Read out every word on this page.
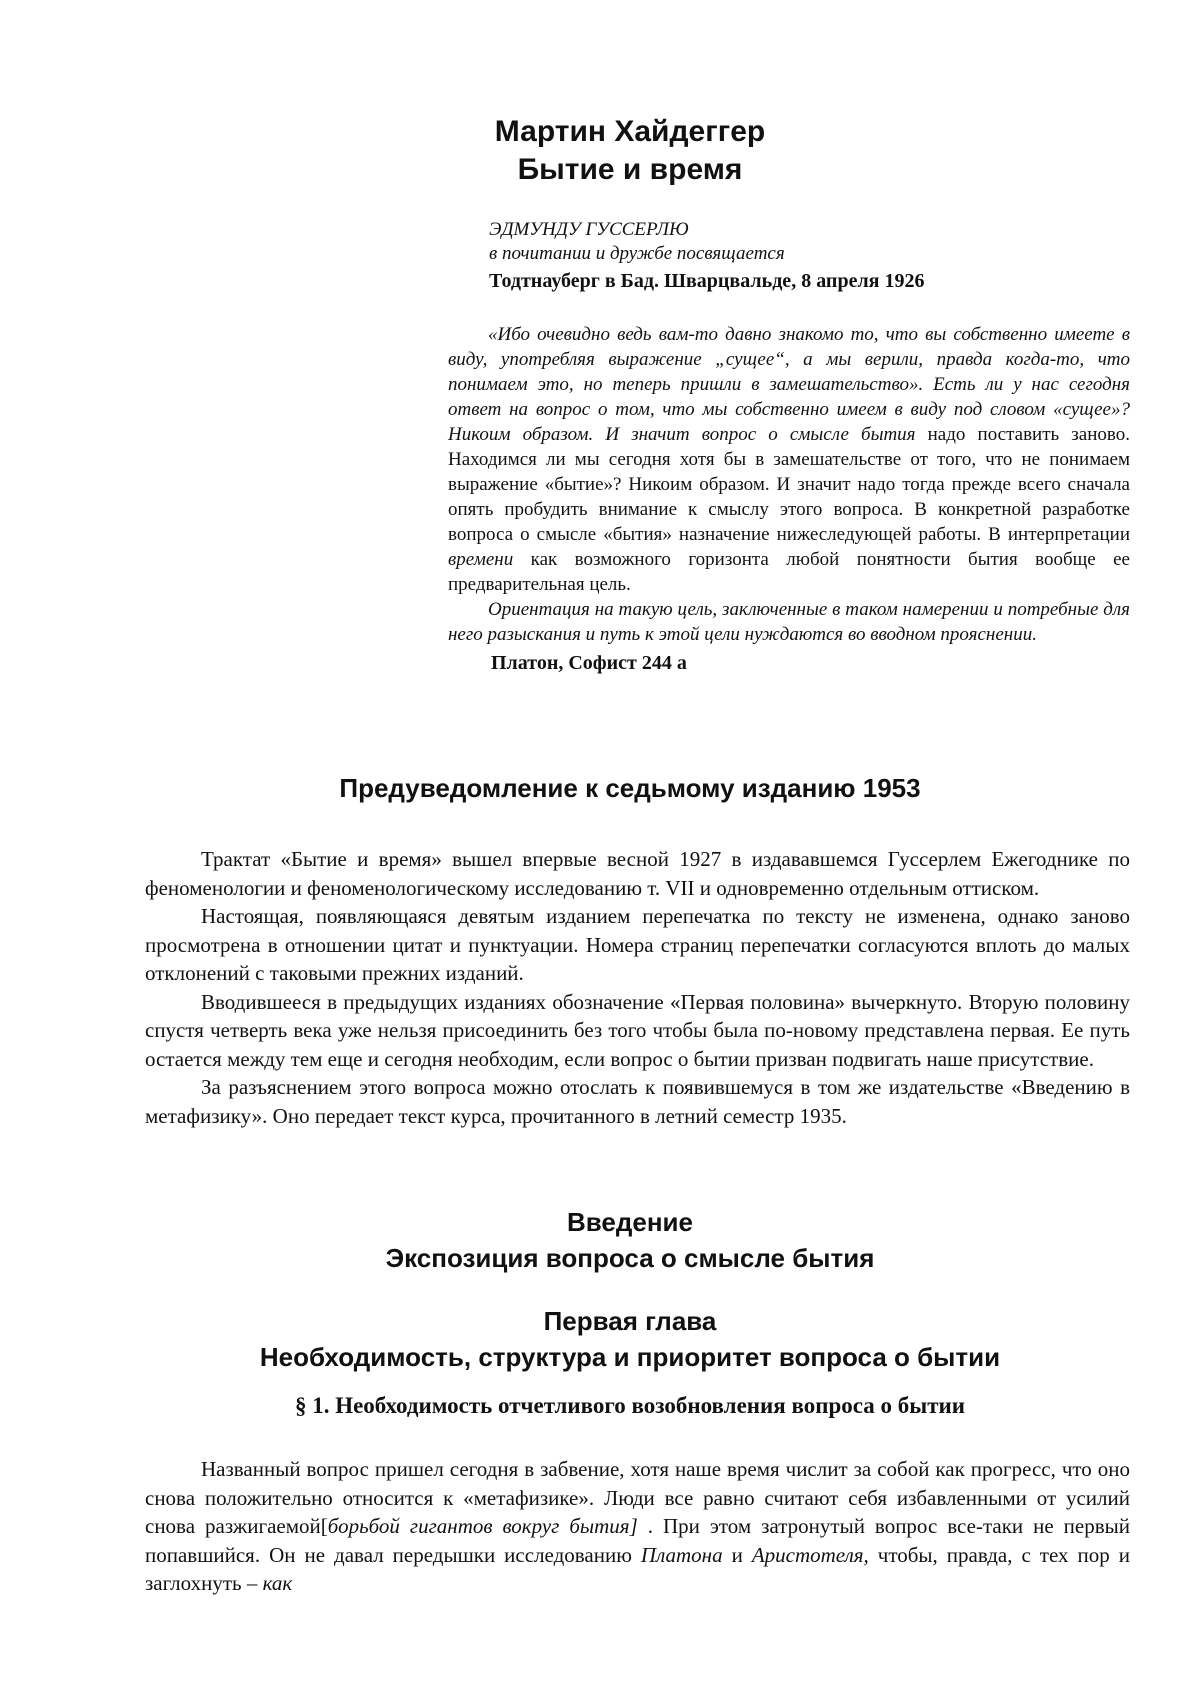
Мартин Хайдеггер
Бытие и время
ЭДМУНДУ ГУССЕРЛЮ
в почитании и дружбе посвящается
Тодтнауберг в Бад. Шварцвальде, 8 апреля 1926

«Ибо очевидно ведь вам-то давно знакомо то, что вы собственно имеете в виду, употребляя выражение „сущее“, а мы верили, правда когда-то, что понимаем это, но теперь пришли в замешательство». Есть ли у нас сегодня ответ на вопрос о том, что мы собственно имеем в виду под словом «сущее»? Никоим образом. И значит вопрос о смысле бытия надо поставить заново. Находимся ли мы сегодня хотя бы в замешательстве от того, что не понимаем выражение «бытие»? Никоим образом. И значит надо тогда прежде всего сначала опять пробудить внимание к смыслу этого вопроса. В конкретной разработке вопроса о смысле «бытия» назначение нижеследующей работы. В интерпретации времени как возможного горизонта любой понятности бытия вообще ее предварительная цель.

Ориентация на такую цель, заключенные в таком намерении и потребные для него разыскания и путь к этой цели нуждаются во вводном прояснении.

Платон, Софист 244 а
Предуведомление к седьмому изданию 1953

Трактат «Бытие и время» вышел впервые весной 1927 в издававшемся Гуссерлем Ежегоднике по феноменологии и феноменологическому исследованию т. VII и одновременно отдельным оттиском.

Настоящая, появляющаяся девятым изданием перепечатка по тексту не изменена, однако заново просмотрена в отношении цитат и пунктуации. Номера страниц перепечатки согласуются вплоть до малых отклонений с таковыми прежних изданий.

Вводившееся в предыдущих изданиях обозначение «Первая половина» вычеркнуто. Вторую половину спустя четверть века уже нельзя присоединить без того чтобы была по-новому представлена первая. Ее путь остается между тем еще и сегодня необходим, если вопрос о бытии призван подвигать наше присутствие.

За разъяснением этого вопроса можно отослать к появившемуся в том же издательстве «Введению в метафизику». Оно передает текст курса, прочитанного в летний семестр 1935.

Введение
Экспозиция вопроса о смысле бытия
Первая глава
Необходимость, структура и приоритет вопроса о бытии
§ 1. Необходимость отчетливого возобновления вопроса о бытии

Названный вопрос пришел сегодня в забвение, хотя наше время числит за собой как прогресс, что оно снова положительно относится к «метафизике». Люди все равно считают себя избавленными от усилий снова разжигаемой[борьбой гигантов вокруг бытия] . При этом затронутый вопрос все-таки не первый попавшийся. Он не давал передышки исследованию Платона и Аристотеля, чтобы, правда, с тех пор и заглохнуть – как
